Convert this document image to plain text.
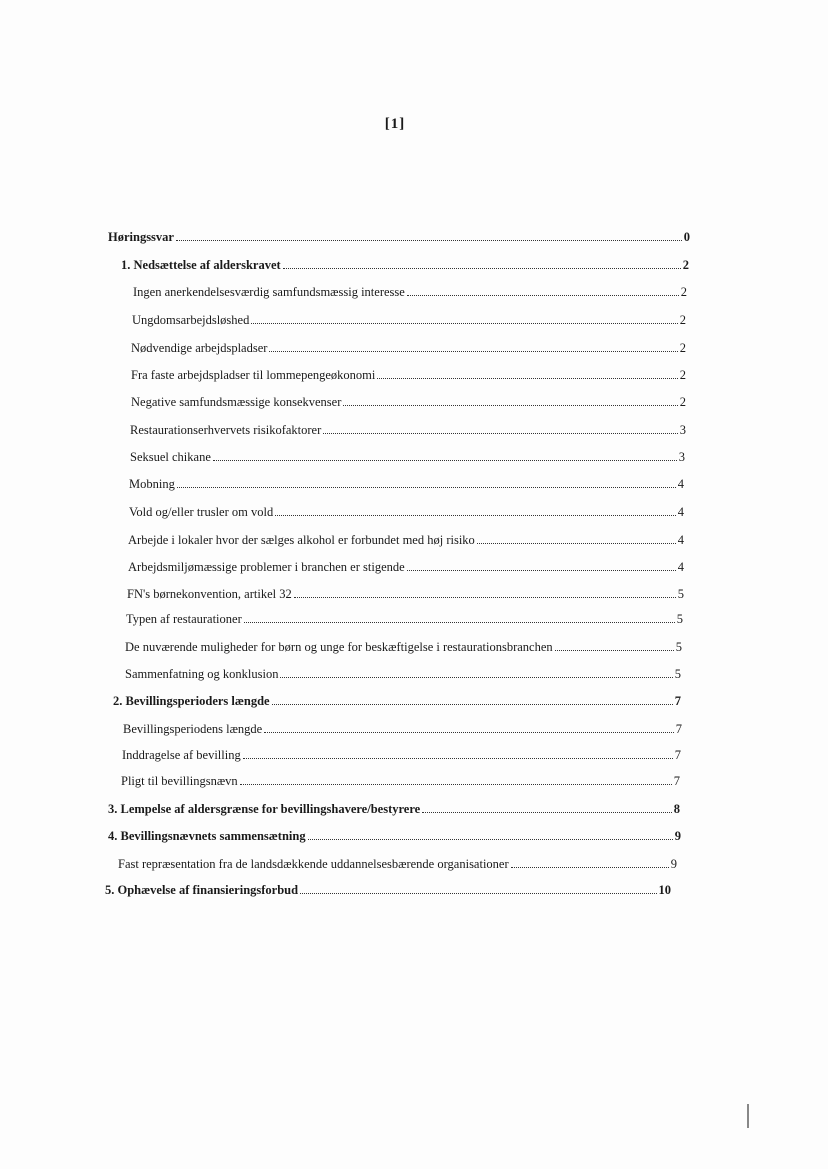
[1]
Høringssvar	0
1. Nedsættelse af alderskravet	2
Ingen anerkendelsesværdig samfundsmæssig interesse	2
Ungdomsarbejdsløshed	2
Nødvendige arbejdspladser	2
Fra faste arbejdspladser til lommepengeøkonomi	2
Negative samfundsmæssige konsekvenser	2
Restaurationserhvervets risikofaktorer	3
Seksuel chikane	3
Mobning	4
Vold og/eller trusler om vold	4
Arbejde i lokaler hvor der sælges alkohol er forbundet med høj risiko	4
Arbejdsmiljømæssige problemer i branchen er stigende	4
FN's børnekonvention, artikel 32	5
Typen af restaurationer	5
De nuværende muligheder for børn og unge for beskæftigelse i restaurationsbranchen	5
Sammenfatning og konklusion	5
2. Bevillingsperioders længde	7
Bevillingsperiodens længde	7
Inddragelse af bevilling	7
Pligt til bevillingsnævn	7
3. Lempelse af aldersgrænse for bevillingshavere/bestyrere	8
4. Bevillingsnævnets sammensætning	9
Fast repræsentation fra de landsdækkende uddannelsesbærende organisationer	9
5. Ophævelse af finansieringsforbud	10
